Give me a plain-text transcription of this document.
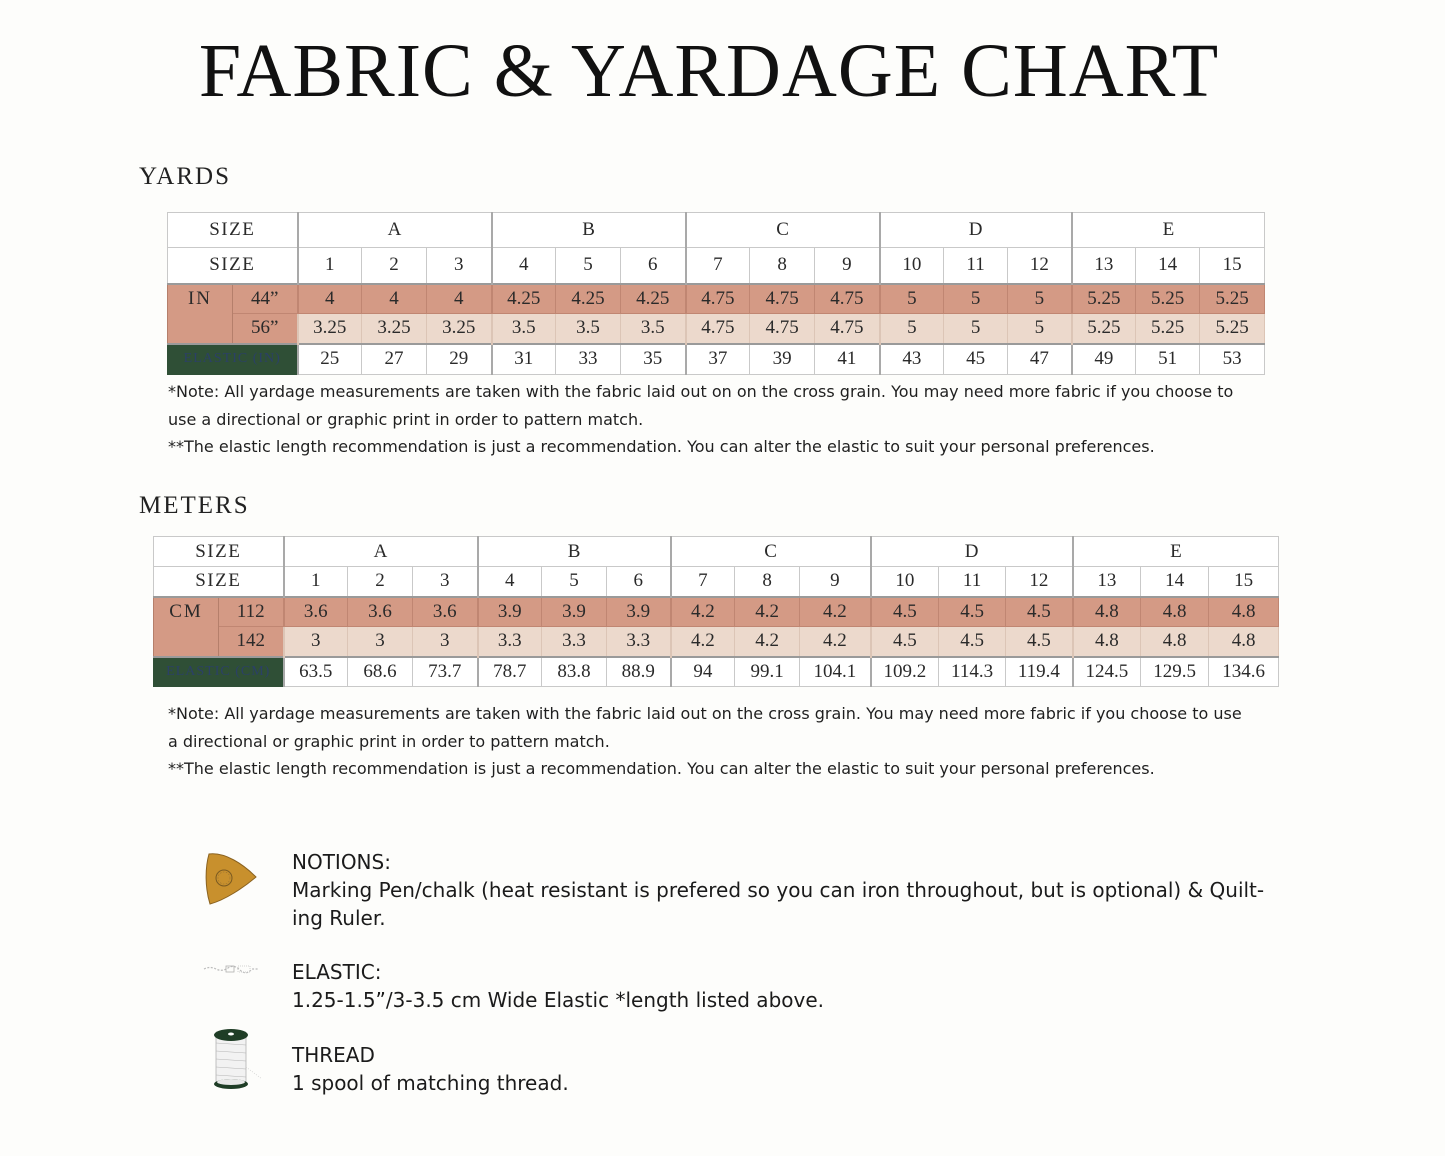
FABRIC & YARDAGE CHART
YARDS
SIZE		A			B			C			D			E		
SIZE		1	2	3	4	5	6	7	8	9	10	11	12	13	14	15
IN	44”	4	4	4	4.25	4.25	4.25	4.75	4.75	4.75	5	5	5	5.25	5.25	5.25
	56”	3.25	3.25	3.25	3.5	3.5	3.5	4.75	4.75	4.75	5	5	5	5.25	5.25	5.25
ELASTIC (IN)		25	27	29	31	33	35	37	39	41	43	45	47	49	51	53
*Note: All yardage measurements are taken with the fabric laid out on on the cross grain. You may need more fabric if you choose to
use a directional or graphic print in order to pattern match.
**The elastic length recommendation is just a recommendation. You can alter the elastic to suit your personal preferences.
METERS
SIZE		A			B			C			D			E		
SIZE		1	2	3	4	5	6	7	8	9	10	11	12	13	14	15
CM	112	3.6	3.6	3.6	3.9	3.9	3.9	4.2	4.2	4.2	4.5	4.5	4.5	4.8	4.8	4.8
	142	3	3	3	3.3	3.3	3.3	4.2	4.2	4.2	4.5	4.5	4.5	4.8	4.8	4.8
ELASTIC (CM)		63.5	68.6	73.7	78.7	83.8	88.9	94	99.1	104.1	109.2	114.3	119.4	124.5	129.5	134.6
*Note: All yardage measurements are taken with the fabric laid out on the cross grain. You may need more fabric if you choose to use
a directional or graphic print in order to pattern match.
**The elastic length recommendation is just a recommendation. You can alter the elastic to suit your personal preferences.
NOTIONS:
Marking Pen/chalk (heat resistant is prefered so you can iron throughout, but is optional) & Quilt-
ing Ruler.
ELASTIC:
1.25-1.5”/3-3.5 cm Wide Elastic *length listed above.
THREAD
1 spool of matching thread.
